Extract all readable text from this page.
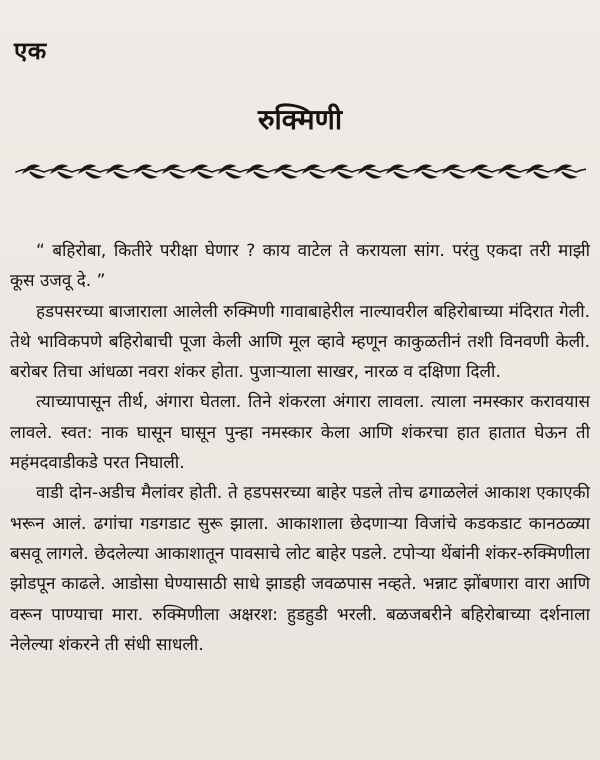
एक
रुक्मिणी

“ बहिरोबा, कितीरे परीक्षा घेणार ? काय वाटेल ते करायला सांग. परंतु एकदा तरी माझी कूस उजवू दे. ”

हडपसरच्या बाजाराला आलेली रुक्मिणी गावाबाहेरील नाल्यावरील बहिरोबाच्या मंदिरात गेली. तेथे भाविकपणे बहिरोबाची पूजा केली आणि मूल व्हावे म्हणून काकुळतीनं तशी विनवणी केली. बरोबर तिचा आंधळा नवरा शंकर होता. पुजाऱ्याला साखर, नारळ व दक्षिणा दिली.

त्याच्यापासून तीर्थ, अंगारा घेतला. तिने शंकरला अंगारा लावला. त्याला नमस्कार करावयास लावले. स्वत: नाक घासून घासून पुन्हा नमस्कार केला आणि शंकरचा हात हातात घेऊन ती महंमदवाडीकडे परत निघाली.

वाडी दोन-अडीच मैलांवर होती. ते हडपसरच्या बाहेर पडले तोच ढगाळलेलं आकाश एकाएकी भरून आलं. ढगांचा गडगडाट सुरू झाला. आकाशाला छेदणाऱ्या विजांचे कडकडाट कानठळ्या बसवू लागले. छेदलेल्या आकाशातून पावसाचे लोट बाहेर पडले. टपोऱ्या थेंबांनी शंकर-रुक्मिणीला झोडपून काढले. आडोसा घेण्यासाठी साधे झाडही जवळपास नव्हते. भन्नाट झोंबणारा वारा आणि वरून पाण्याचा मारा. रुक्मिणीला अक्षरश: हुडहुडी भरली. बळजबरीने बहिरोबाच्या दर्शनाला नेलेल्या शंकरने ती संधी साधली.
